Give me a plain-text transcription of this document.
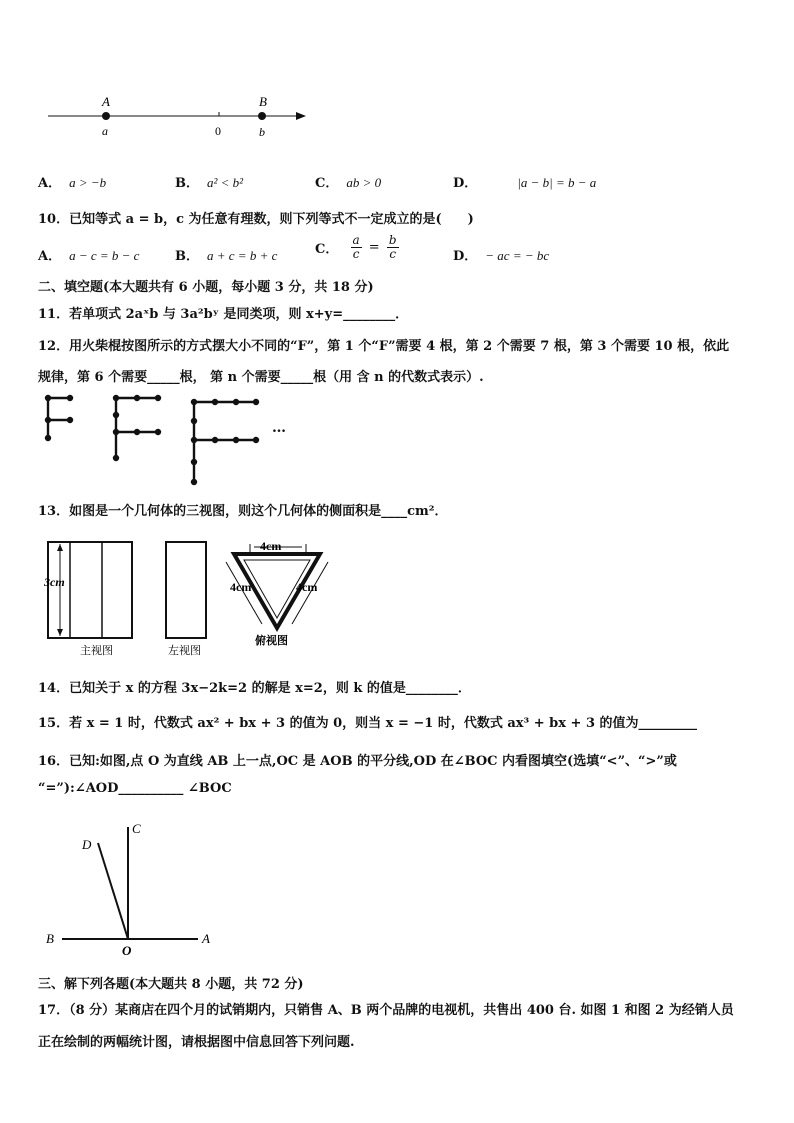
A	B
a	0	b
A． a > −b	B． a² < b²	C． ab > 0	D．	|a − b| = b − a
10．已知等式 a = b，c 为任意有理数，则下列等式不一定成立的是(　　)
A． a − c = b − c	B． a + c = b + c	C． $\frac{a}{c} = \frac{b}{c}$	D． − ac = − bc
二、填空题(本大题共有 6 小题，每小题 3 分，共 18 分)
11．若单项式 2aˣb 与 3a²bʸ 是同类项，则 x+y=________．
12．用火柴棍按图所示的方式摆大小不同的“F”，第 1 个“F”需要 4 根，第 2 个需要 7 根，第 3 个需要 10 根，依此
规律，第 6 个需要_____根， 第 n 个需要_____根（用 含 n 的代数式表示）.
…
13．如图是一个几何体的三视图，则这个几何体的侧面积是____cm²．
3cm
4cm
4cm	4cm
主视图	左视图
俯视图
14．已知关于 x 的方程 3x−2k=2 的解是 x=2，则 k 的值是________．
15．若 x = 1 时，代数式 ax² + bx + 3 的值为 0，则当 x = −1 时，代数式 ax³ + bx + 3 的值为_________
16．已知:如图,点 O 为直线 AB 上一点,OC 是 AOB 的平分线,OD 在∠BOC 内看图填空(选填“<”、“>”或
“=”):∠AOD__________ ∠BOC
C
D
B
O
A
三、解下列各题(本大题共 8 小题，共 72 分)
17．（8 分）某商店在四个月的试销期内，只销售 A、B 两个品牌的电视机，共售出 400 台. 如图 1 和图 2 为经销人员
正在绘制的两幅统计图，请根据图中信息回答下列问题.
